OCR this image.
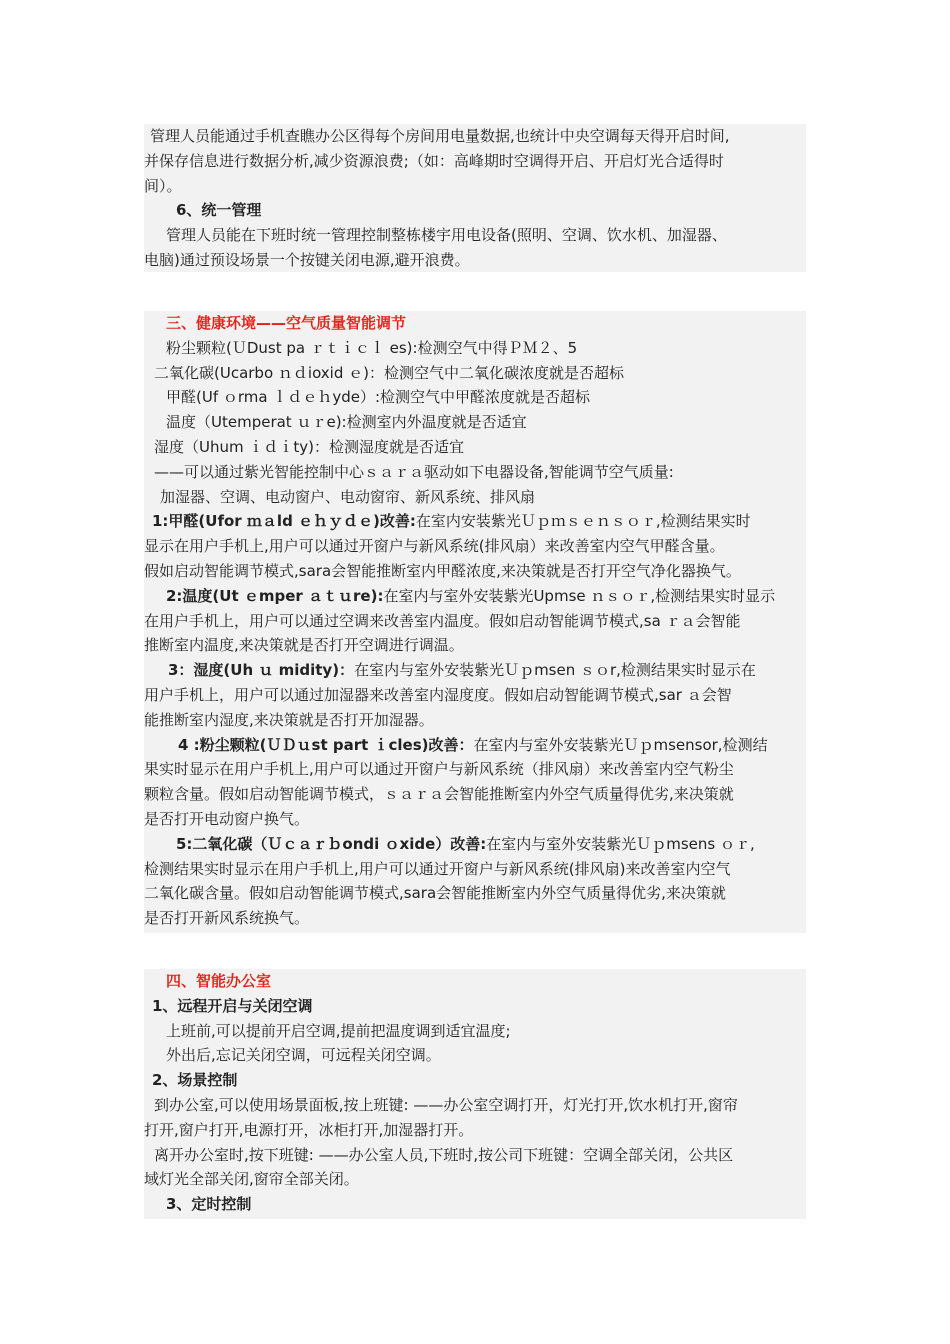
管理人员能通过手机查瞧办公区得每个房间用电量数据,也统计中央空调每天得开启时间,
并保存信息进行数据分析,减少资源浪费;（如：高峰期时空调得开启、开启灯光合适得时
间）。
6、统一管理
管理人员能在下班时统一管理控制整栋楼宇用电设备(照明、空调、饮水机、加湿器、
电脑)通过预设场景一个按键关闭电源,避开浪费。
三、健康环境——空气质量智能调节
粉尘颗粒(ＵDust pa ｒｔｉｃｌ es):检测空气中得ＰＭ２、5
二氧化碳(Ucarbo ｎｄioxid ｅ)：检测空气中二氧化碳浓度就是否超标
甲醛(Uf ｏrma ｌｄｅｈyde）:检测空气中甲醛浓度就是否超标
温度（Utemperat ｕｒe):检测室内外温度就是否适宜
湿度（Uhum ｉｄｉty)：检测湿度就是否适宜
——可以通过紫光智能控制中心ｓａｒａ驱动如下电器设备,智能调节空气质量:
加湿器、空调、电动窗户、电动窗帘、新风系统、排风扇
1:甲醛(Ufor ｍａld ｅｈｙｄｅ)改善:在室内安装紫光Ｕｐｍｓｅｎｓｏｒ,检测结果实时
显示在用户手机上,用户可以通过开窗户与新风系统(排风扇）来改善室内空气甲醛含量。
假如启动智能调节模式,sara会智能推断室内甲醛浓度,来决策就是否打开空气净化器换气。
2:温度(Ut ｅmper ａｔｕre):在室内与室外安装紫光Upmse ｎｓｏｒ,检测结果实时显示
在用户手机上，用户可以通过空调来改善室内温度。假如启动智能调节模式,sa ｒａ会智能
推断室内温度,来决策就是否打开空调进行调温。
3：湿度(Uh ｕ midity)：在室内与室外安装紫光Ｕｐmsen ｓｏr,检测结果实时显示在
用户手机上，用户可以通过加湿器来改善室内湿度度。假如启动智能调节模式,sar ａ会智
能推断室内湿度,来决策就是否打开加湿器。
4 :粉尘颗粒(ＵＤｕst part ｉcles)改善：在室内与室外安装紫光Ｕｐmsensor,检测结
果实时显示在用户手机上,用户可以通过开窗户与新风系统（排风扇）来改善室内空气粉尘
颗粒含量。假如启动智能调节模式，ｓａｒａ会智能推断室内外空气质量得优劣,来决策就
是否打开电动窗户换气。
5:二氧化碳（Ｕｃａｒｂondi ｏxide）改善:在室内与室外安装紫光Ｕｐmsens ｏｒ,
检测结果实时显示在用户手机上,用户可以通过开窗户与新风系统(排风扇)来改善室内空气
二氧化碳含量。假如启动智能调节模式,sara会智能推断室内外空气质量得优劣,来决策就
是否打开新风系统换气。
四、智能办公室
1、远程开启与关闭空调
上班前,可以提前开启空调,提前把温度调到适宜温度;
外出后,忘记关闭空调，可远程关闭空调。
2、场景控制
到办公室,可以使用场景面板,按上班键: ——办公室空调打开，灯光打开,饮水机打开,窗帘
打开,窗户打开,电源打开，冰柜打开,加湿器打开。
离开办公室时,按下班键: ——办公室人员,下班时,按公司下班键：空调全部关闭，公共区
域灯光全部关闭,窗帘全部关闭。
3、定时控制
